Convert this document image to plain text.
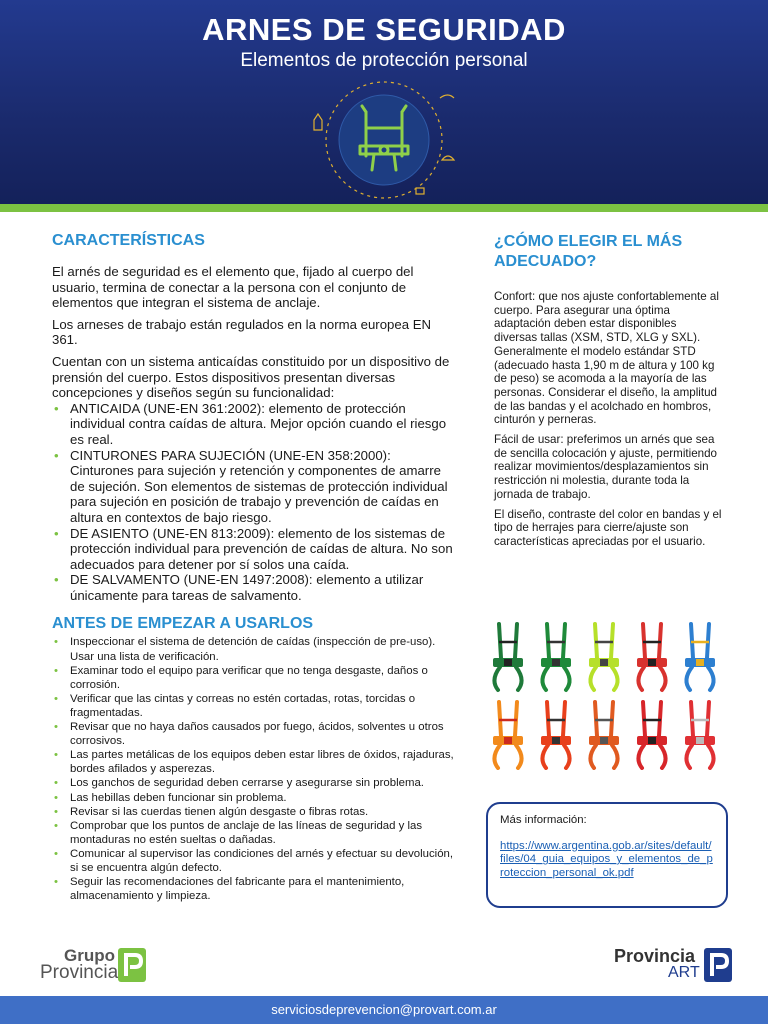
ARNES DE SEGURIDAD
Elementos de protección personal
CARACTERÍSTICAS

El arnés de seguridad es el elemento que, fijado al cuerpo del usuario, termina de conectar a la persona con el conjunto de elementos que integran el sistema de anclaje.

Los arneses de trabajo están regulados en la norma europea EN 361.

Cuentan con un sistema anticaídas constituido por un dispositivo de prensión del cuerpo. Estos dispositivos presentan diversas concepciones y diseños según su funcionalidad:

• ANTICAIDA (UNE-EN 361:2002): elemento de protección individual contra caídas de altura. Mejor opción cuando el riesgo es real.
• CINTURONES PARA SUJECIÓN (UNE-EN 358:2000): Cinturones para sujeción y retención y componentes de amarre de sujeción. Son elementos de sistemas de protección individual para sujeción en posición de trabajo y prevención de caídas en altura en contextos de bajo riesgo.
• DE ASIENTO (UNE-EN 813:2009): elemento de los sistemas de protección individual para prevención de caídas de altura. No son adecuados para detener por sí solos una caída.
• DE SALVAMENTO (UNE-EN 1497:2008): elemento a utilizar únicamente para tareas de salvamento.
ANTES DE EMPEZAR A USARLOS
• Inspeccionar el sistema de detención de caídas (inspección de pre-uso). Usar una lista de verificación.
• Examinar todo el equipo para verificar que no tenga desgaste, daños o corrosión.
• Verificar que las cintas y correas no estén cortadas, rotas, torcidas o fragmentadas.
• Revisar que no haya daños causados por fuego, ácidos, solventes u otros corrosivos.
• Las partes metálicas de los equipos deben estar libres de óxidos, rajaduras, bordes afilados y asperezas.
• Los ganchos de seguridad deben cerrarse y asegurarse sin problema.
• Las hebillas deben funcionar sin problema.
• Revisar si las cuerdas tienen algún desgaste o fibras rotas.
• Comprobar que los puntos de anclaje de las líneas de seguridad y las montaduras no estén sueltas o dañadas.
• Comunicar al supervisor las condiciones del arnés y efectuar su devolución, si se encuentra algún defecto.
• Seguir las recomendaciones del fabricante para el mantenimiento, almacenamiento y limpieza.
¿CÓMO ELEGIR EL MÁS ADECUADO?

Confort: que nos ajuste confortablemente al cuerpo. Para asegurar una óptima adaptación deben estar disponibles diversas tallas (XSM, STD, XLG y SXL). Generalmente el modelo estándar STD (adecuado hasta 1,90 m de altura y 100 kg de peso) se acomoda a la mayoría de las personas. Considerar el diseño, la amplitud de las bandas y el acolchado en hombros, cinturón y perneras.

Fácil de usar: preferimos un arnés que sea de sencilla colocación y ajuste, permitiendo realizar movimientos/desplazamientos sin restricción ni molestia, durante toda la jornada de trabajo.

El diseño, contraste del color en bandas y el tipo de herrajes para cierre/ajuste son características apreciadas por el usuario.

Más información:
https://www.argentina.gob.ar/sites/default/files/04_guia_equipos_y_elementos_de_proteccion_personal_ok.pdf
Grupo
Provincia
Provincia
ART
serviciosdeprevencion@provart.com.ar
